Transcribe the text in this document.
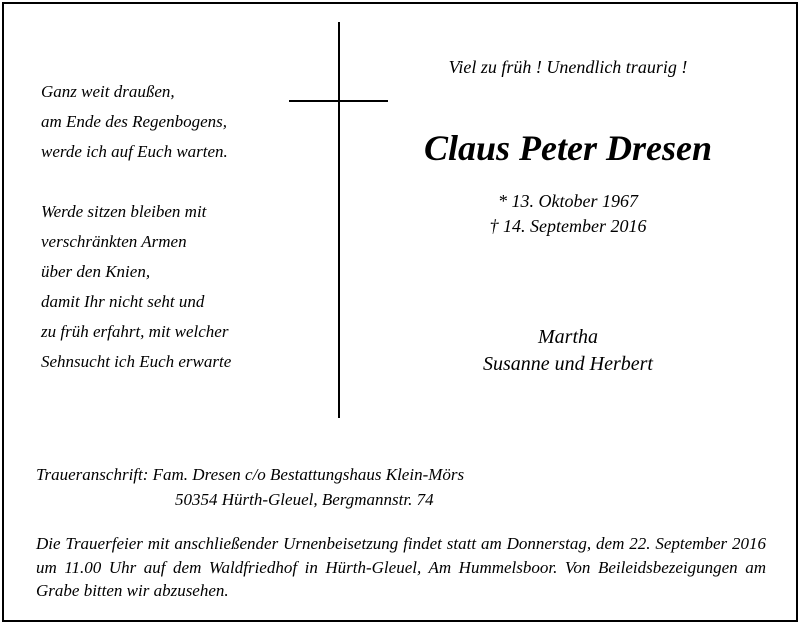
Ganz weit draußen,
am Ende des Regenbogens,
werde ich auf Euch warten.
Werde sitzen bleiben mit
verschränkten Armen
über den Knien,
damit Ihr nicht seht und
zu früh erfahrt, mit welcher
Sehnsucht ich Euch erwarte
Viel zu früh ! Unendlich traurig !
Claus Peter Dresen
* 13. Oktober 1967
† 14. September 2016
Martha
Susanne und Herbert
Traueranschrift: Fam. Dresen c/o Bestattungshaus Klein-Mörs
50354 Hürth-Gleuel, Bergmannstr. 74
Die Trauerfeier mit anschließender Urnenbeisetzung findet statt am Donnerstag, dem 22. September 2016 um 11.00 Uhr auf dem Waldfriedhof in Hürth-Gleuel, Am Hummelsboor. Von Beileidsbezeigungen am Grabe bitten wir abzusehen.
